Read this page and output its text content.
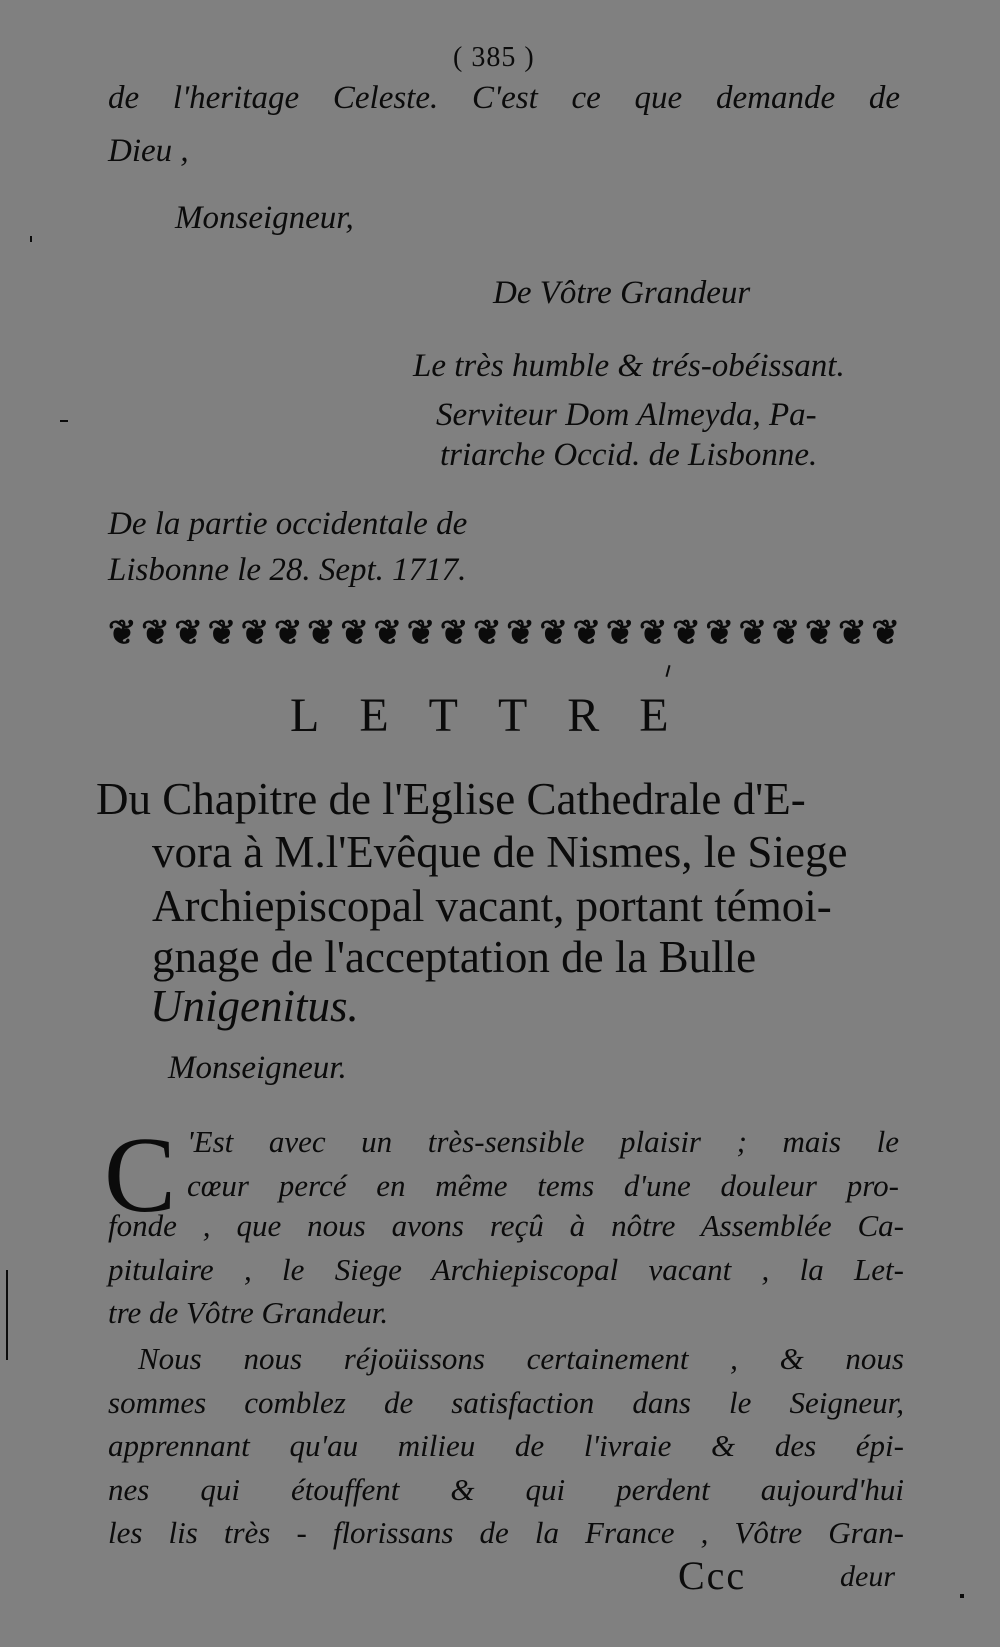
( 385 )
de l'heritage Celeste. C'est ce que demande de
Dieu ,
Monseigneur,
De Vôtre Grandeur
Le très humble & trés-obéissant.
Serviteur Dom Almeyda, Pa-
triarche Occid. de Lisbonne.
De la partie occidentale de
Lisbonne le 28. Sept. 1717.
❦ ❦ ❦ ❦ ❦ ❦ ❦ ❦ ❦ ❦ ❦ ❦ ❦ ❦ ❦ ❦ ❦ ❦ ❦ ❦ ❦ ❦ ❦ ❦
LETTRE
Du Chapitre de l'Eglise Cathedrale d'E-
vora à M.l'Evêque de Nismes, le Siege
Archiepiscopal vacant, portant témoi-
gnage de l'acceptation de la Bulle
Unigenitus.
Monseigneur.
C 'Est avec un très-sensible plaisir ; mais le
cœur percé en même tems d'une douleur pro-
fonde , que nous avons reçû à nôtre Assemblée Ca-
pitulaire , le Siege Archiepiscopal vacant , la Let-
tre de Vôtre Grandeur.
Nous nous réjoüissons certainement , & nous
sommes comblez de satisfaction dans le Seigneur,
apprennant qu'au milieu de l'ivraie & des épi-
nes qui étouffent & qui perdent aujourd'hui
les lis très - florissans de la France , Vôtre Gran-
Ccc	deur
